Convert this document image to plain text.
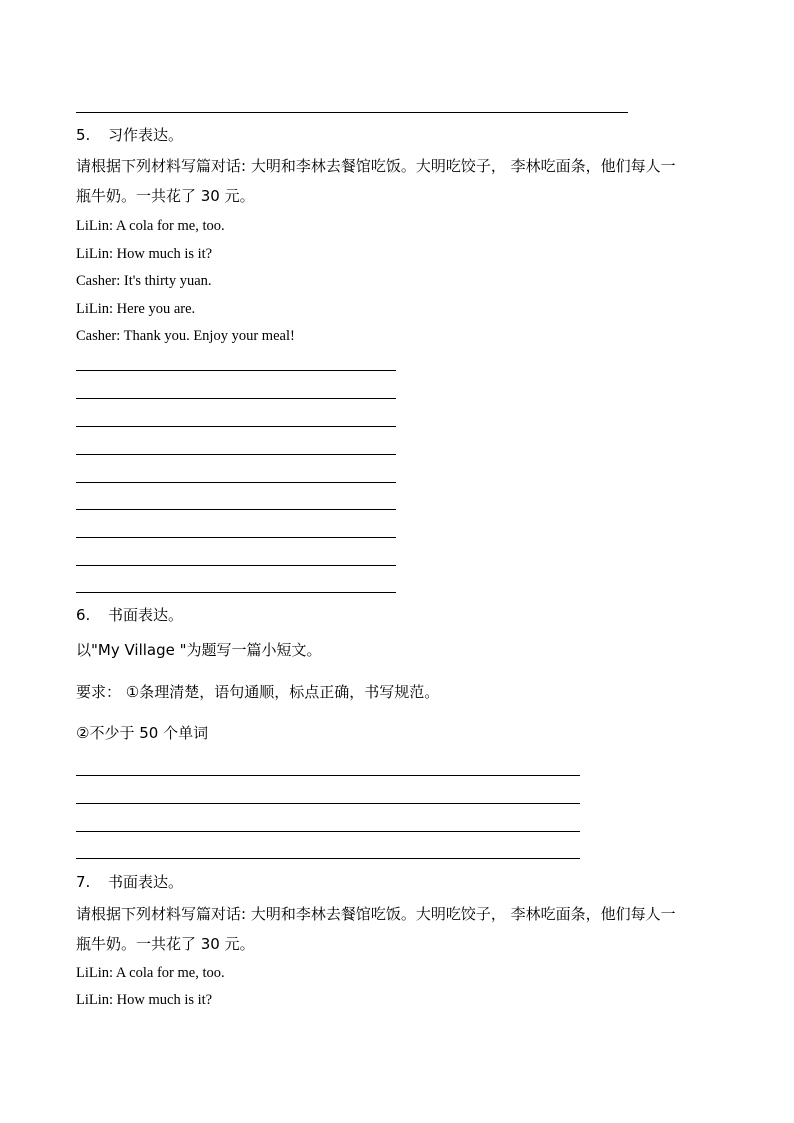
5. 习作表达。
请根据下列材料写篇对话: 大明和李林去餐馆吃饭。大明吃饺子， 李林吃面条，他们每人一
瓶牛奶。一共花了 30 元。
LiLin: A cola for me, too.
LiLin: How much is it?
Casher: It's thirty yuan.
LiLin: Here you are.
Casher: Thank you. Enjoy your meal!
6. 书面表达。
以"My Village "为题写一篇小短文。
要求： ①条理清楚，语句通顺，标点正确，书写规范。
②不少于 50 个单词
7. 书面表达。
请根据下列材料写篇对话: 大明和李林去餐馆吃饭。大明吃饺子， 李林吃面条，他们每人一
瓶牛奶。一共花了 30 元。
LiLin: A cola for me, too.
LiLin: How much is it?
